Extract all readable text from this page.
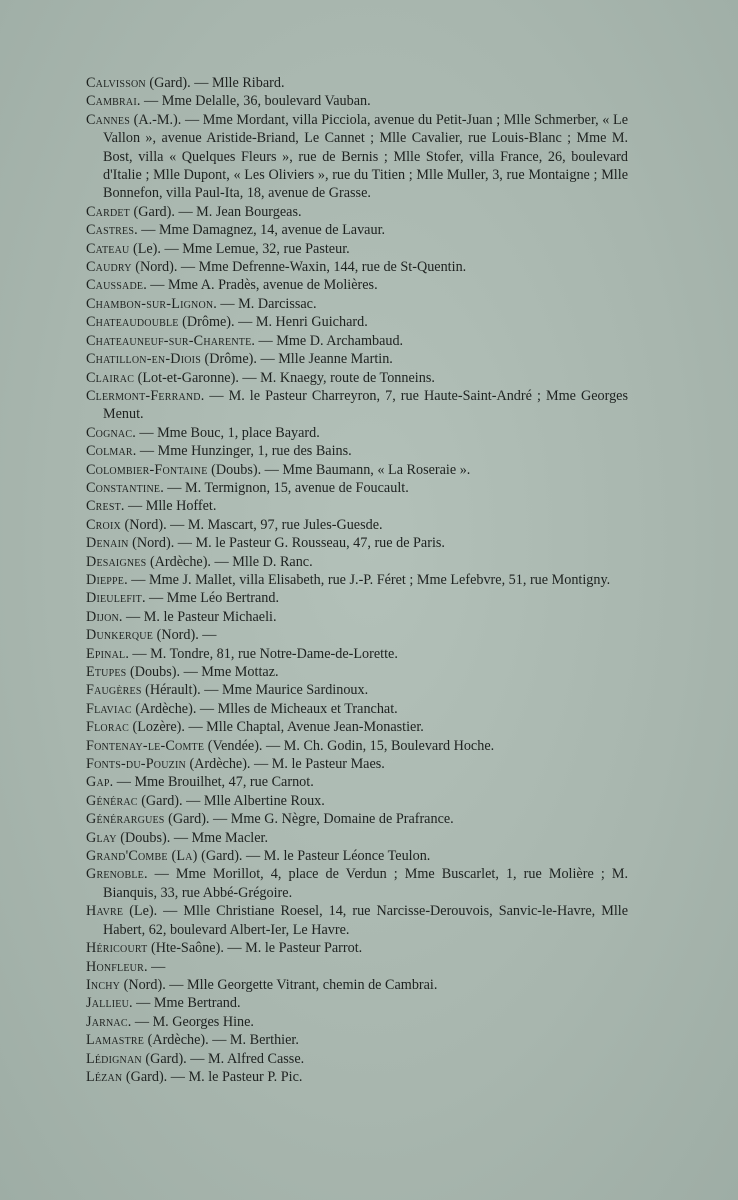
Calvisson (Gard). — Mlle Ribard.

Cambrai. — Mme Delalle, 36, boulevard Vauban.

Cannes (A.-M.). — Mme Mordant, villa Picciola, avenue du Petit-Juan ; Mlle Schmerber, « Le Vallon », avenue Aristide-Briand, Le Cannet ; Mlle Cavalier, rue Louis-Blanc ; Mme M. Bost, villa « Quelques Fleurs », rue de Bernis ; Mlle Stofer, villa France, 26, boulevard d'Italie ; Mlle Dupont, « Les Oliviers », rue du Titien ; Mlle Muller, 3, rue Montaigne ; Mlle Bonnefon, villa Paul-Ita, 18, avenue de Grasse.

Cardet (Gard). — M. Jean Bourgeas.

Castres. — Mme Damagnez, 14, avenue de Lavaur.

Cateau (Le). — Mme Lemue, 32, rue Pasteur.

Caudry (Nord). — Mme Defrenne-Waxin, 144, rue de St-Quentin.

Caussade. — Mme A. Pradès, avenue de Molières.

Chambon-sur-Lignon. — M. Darcissac.

Chateaudouble (Drôme). — M. Henri Guichard.

Chateauneuf-sur-Charente. — Mme D. Archambaud.

Chatillon-en-Diois (Drôme). — Mlle Jeanne Martin.

Clairac (Lot-et-Garonne). — M. Knaegy, route de Tonneins.

Clermont-Ferrand. — M. le Pasteur Charreyron, 7, rue Haute-Saint-André ; Mme Georges Menut.

Cognac. — Mme Bouc, 1, place Bayard.

Colmar. — Mme Hunzinger, 1, rue des Bains.

Colombier-Fontaine (Doubs). — Mme Baumann, « La Roseraie ».

Constantine. — M. Termignon, 15, avenue de Foucault.

Crest. — Mlle Hoffet.

Croix (Nord). — M. Mascart, 97, rue Jules-Guesde.

Denain (Nord). — M. le Pasteur G. Rousseau, 47, rue de Paris.

Desaignes (Ardèche). — Mlle D. Ranc.

Dieppe. — Mme J. Mallet, villa Elisabeth, rue J.-P. Féret ; Mme Lefebvre, 51, rue Montigny.

Dieulefit. — Mme Léo Bertrand.

Dijon. — M. le Pasteur Michaeli.

Dunkerque (Nord). —

Epinal. — M. Tondre, 81, rue Notre-Dame-de-Lorette.

Etupes (Doubs). — Mme Mottaz.

Faugères (Hérault). — Mme Maurice Sardinoux.

Flaviac (Ardèche). — Mlles de Micheaux et Tranchat.

Florac (Lozère). — Mlle Chaptal, Avenue Jean-Monastier.

Fontenay-le-Comte (Vendée). — M. Ch. Godin, 15, Boulevard Hoche.

Fonts-du-Pouzin (Ardèche). — M. le Pasteur Maes.

Gap. — Mme Brouilhet, 47, rue Carnot.

Générac (Gard). — Mlle Albertine Roux.

Générargues (Gard). — Mme G. Nègre, Domaine de Prafrance.

Glay (Doubs). — Mme Macler.

Grand'Combe (La) (Gard). — M. le Pasteur Léonce Teulon.

Grenoble. — Mme Morillot, 4, place de Verdun ; Mme Buscarlet, 1, rue Molière ; M. Bianquis, 33, rue Abbé-Grégoire.

Havre (Le). — Mlle Christiane Roesel, 14, rue Narcisse-Derouvois, Sanvic-le-Havre, Mlle Habert, 62, boulevard Albert-Ier, Le Havre.

Héricourt (Hte-Saône). — M. le Pasteur Parrot.

Honfleur. —

Inchy (Nord). — Mlle Georgette Vitrant, chemin de Cambrai.

Jallieu. — Mme Bertrand.

Jarnac. — M. Georges Hine.

Lamastre (Ardèche). — M. Berthier.

Lédignan (Gard). — M. Alfred Casse.

Lézan (Gard). — M. le Pasteur P. Pic.
